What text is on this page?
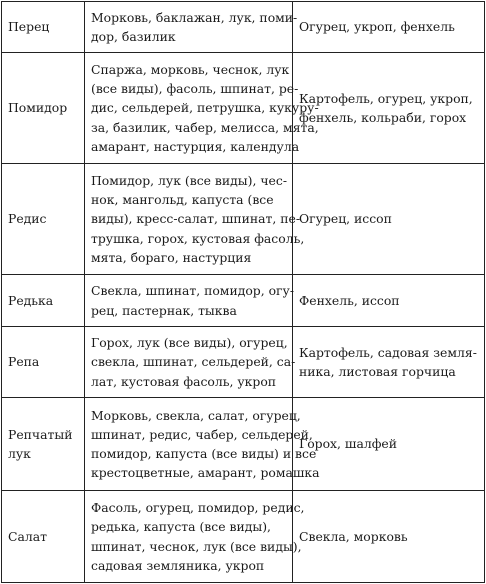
Перец	Морковь, баклажан, лук, поми-
дор, базилик	Огурец, укроп, фенхель

Помидор	Спаржа, морковь, чеснок, лук
(все виды), фасоль, шпинат, ре-
дис, сельдерей, петрушка, кукуру-
за, базилик, чабер, мелисса, мята,
амарант, настурция, календула	Картофель, огурец, укроп,
фенхель, кольраби, горох

Редис	Помидор, лук (все виды), чес-
нок, мангольд, капуста (все
виды), кресс-салат, шпинат, пе-
трушка, горох, кустовая фасоль,
мята, бораго, настурция	Огурец, иссоп

Редька	Свекла, шпинат, помидор, огу-
рец, пастернак, тыква	Фенхель, иссоп

Репа	Горох, лук (все виды), огурец,
свекла, шпинат, сельдерей, са-
лат, кустовая фасоль, укроп	Картофель, садовая земля-
ника, листовая горчица

Репчатый
лук	Морковь, свекла, салат, огурец,
шпинат, редис, чабер, сельдерей,
помидор, капуста (все виды) и все
крестоцветные, амарант, ромашка	Горох, шалфей

Салат	Фасоль, огурец, помидор, редис,
редька, капуста (все виды),
шпинат, чеснок, лук (все виды),
садовая земляника, укроп	Свекла, морковь
